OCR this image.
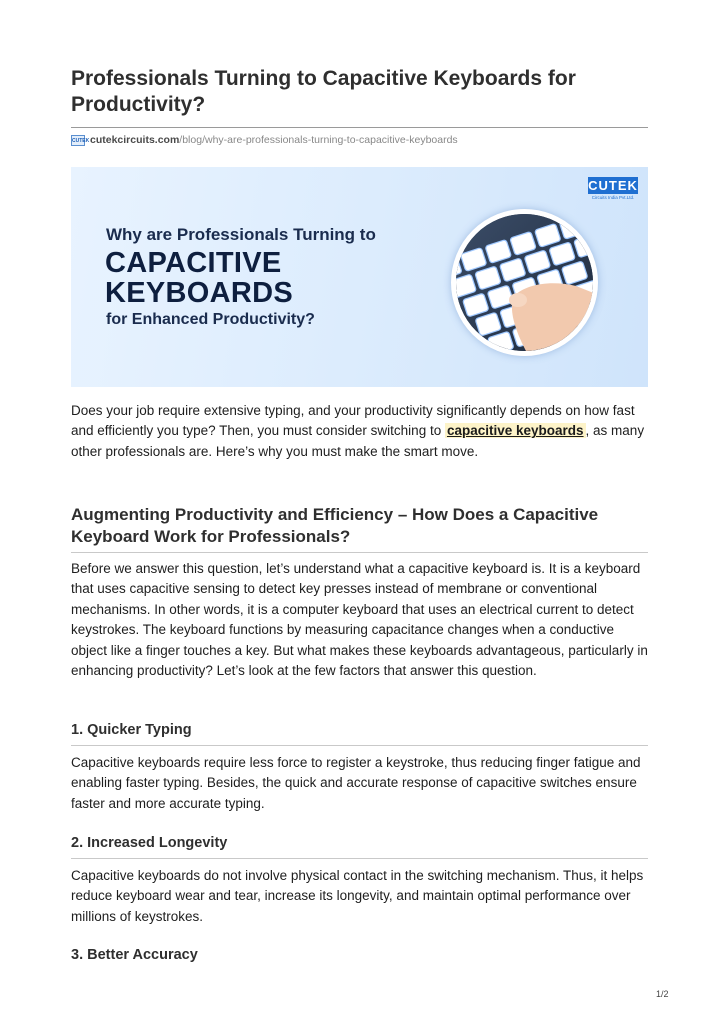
Professionals Turning to Capacitive Keyboards for Productivity?
CUTEK cutekcircuits.com /blog/why-are-professionals-turning-to-capacitive-keyboards
Why are Professionals Turning to
CAPACITIVE
KEYBOARDS
for Enhanced Productivity?
CUTEK
Circuits India Pvt.Ltd.

Does your job require extensive typing, and your productivity significantly depends on how fast and efficiently you type? Then, you must consider switching to capacitive keyboards , as many other professionals are. Here’s why you must make the smart move.

Augmenting Productivity and Efficiency – How Does a Capacitive Keyboard Work for Professionals?

Before we answer this question, let’s understand what a capacitive keyboard is. It is a keyboard that uses capacitive sensing to detect key presses instead of membrane or conventional mechanisms. In other words, it is a computer keyboard that uses an electrical current to detect keystrokes. The keyboard functions by measuring capacitance changes when a conductive object like a finger touches a key. But what makes these keyboards advantageous, particularly in enhancing productivity? Let’s look at the few factors that answer this question.

1. Quicker Typing

Capacitive keyboards require less force to register a keystroke, thus reducing finger fatigue and enabling faster typing. Besides, the quick and accurate response of capacitive switches ensure faster and more accurate typing.

2. Increased Longevity

Capacitive keyboards do not involve physical contact in the switching mechanism. Thus, it helps reduce keyboard wear and tear, increase its longevity, and maintain optimal performance over millions of keystrokes.

3. Better Accuracy
1/2
